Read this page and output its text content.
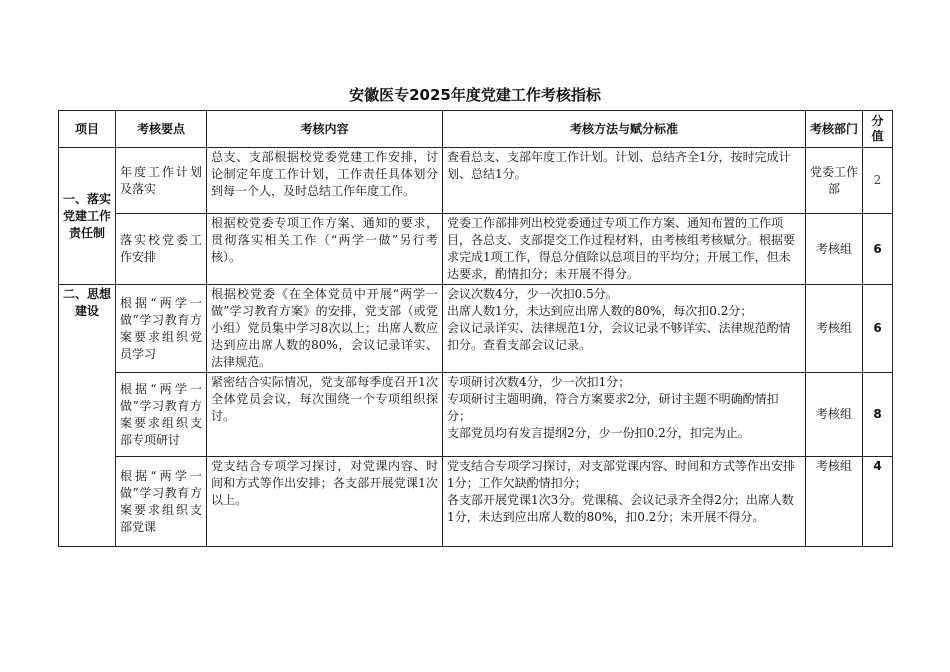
安徽医专2025年度党建工作考核指标
项目	考核要点	考核内容	考核方法与赋分标准	考核部门	分值
一、落实党建工作责任制	年度工作计划及落实	总支、支部根据校党委党建工作安排，讨论制定年度工作计划，工作责任具体划分到每一个人，及时总结工作年度工作。	查看总支、支部年度工作计划。计划、总结齐全1分，按时完成计划、总结1分。	党委工作部	2
	落实校党委工作安排	根据校党委专项工作方案、通知的要求，贯彻落实相关工作（“两学一做”另行考核）。	党委工作部排列出校党委通过专项工作方案、通知布置的工作项目，各总支、支部提交工作过程材料，由考核组考核赋分。根据要求完成1项工作，得总分值除以总项目的平均分；开展工作，但未达要求，酌情扣分；未开展不得分。	考核组	6
二、思想建设	根据“两学一做”学习教育方案要求组织党员学习	根据校党委《在全体党员中开展“两学一做”学习教育方案》的安排，党支部（或党小组）党员集中学习8次以上；出席人数应达到应出席人数的80%，会议记录详实、法律规范。	会议次数4分，少一次扣0.5分。
出席人数1分，未达到应出席人数的80%，每次扣0.2分；
会议记录详实、法律规范1分，会议记录不够详实、法律规范酌情扣分。查看支部会议记录。	考核组	6
	根据“两学一做”学习教育方案要求组织支部专项研讨	紧密结合实际情况，党支部每季度召开1次全体党员会议，每次围绕一个专项组织探讨。	专项研讨次数4分，少一次扣1分；
专项研讨主题明确，符合方案要求2分，研讨主题不明确酌情扣分；
支部党员均有发言提纲2分，少一份扣0.2分，扣完为止。	考核组	8
	根据“两学一做”学习教育方案要求组织支部党课	党支结合专项学习探讨，对党课内容、时间和方式等作出安排；各支部开展党课1次以上。	党支结合专项学习探讨，对支部党课内容、时间和方式等作出安排1分；工作欠缺酌情扣分；
各支部开展党课1次3分。党课稿、会议记录齐全得2分；出席人数1分，未达到应出席人数的80%，扣0.2分；未开展不得分。	考核组	4
